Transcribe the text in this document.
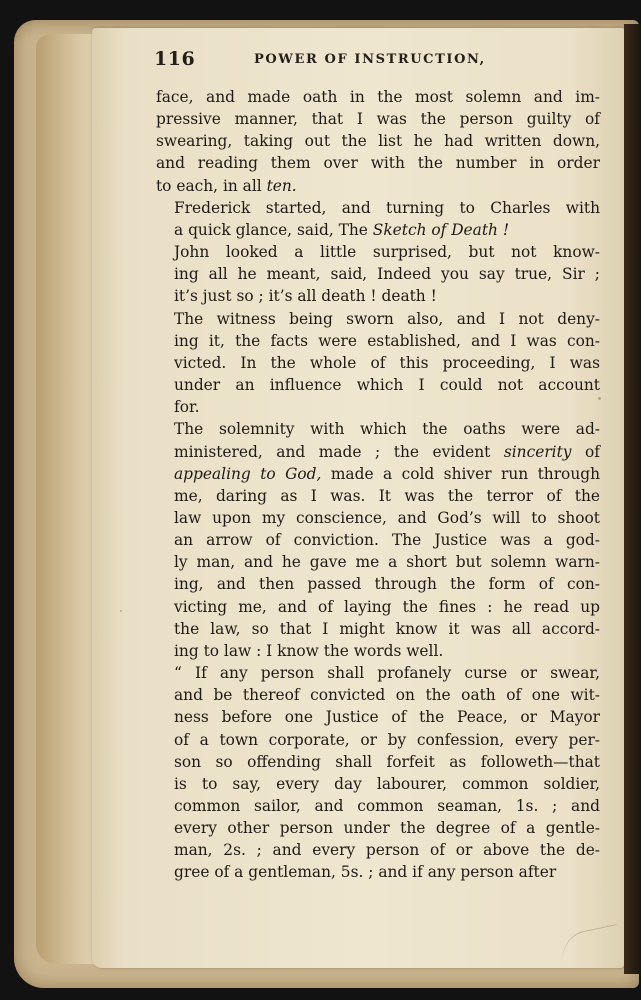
116	POWER OF INSTRUCTION,

face, and made oath in the most solemn and im-
pressive manner, that I was the person guilty of
swearing, taking out the list he had written down,
and reading them over with the number in order
to each, in all ten.

Frederick started, and turning to Charles with
a quick glance, said, The Sketch of Death !

John looked a little surprised, but not know-
ing all he meant, said, Indeed you say true, Sir ;
it’s just so ; it’s all death ! death !

The witness being sworn also, and I not deny-
ing it, the facts were established, and I was con-
victed. In the whole of this proceeding, I was
under an influence which I could not account
for.

The solemnity with which the oaths were ad-
ministered, and made ; the evident sincerity of
appealing to God, made a cold shiver run through
me, daring as I was. It was the terror of the
law upon my conscience, and God’s will to shoot
an arrow of conviction. The Justice was a god-
ly man, and he gave me a short but solemn warn-
ing, and then passed through the form of con-
victing me, and of laying the fines : he read up
the law, so that I might know it was all accord-
ing to law : I know the words well.

“ If any person shall profanely curse or swear,
and be thereof convicted on the oath of one wit-
ness before one Justice of the Peace, or Mayor
of a town corporate, or by confession, every per-
son so offending shall forfeit as followeth—that
is to say, every day labourer, common soldier,
common sailor, and common seaman, 1s. ; and
every other person under the degree of a gentle-
man, 2s. ; and every person of or above the de-
gree of a gentleman, 5s. ; and if any person after
